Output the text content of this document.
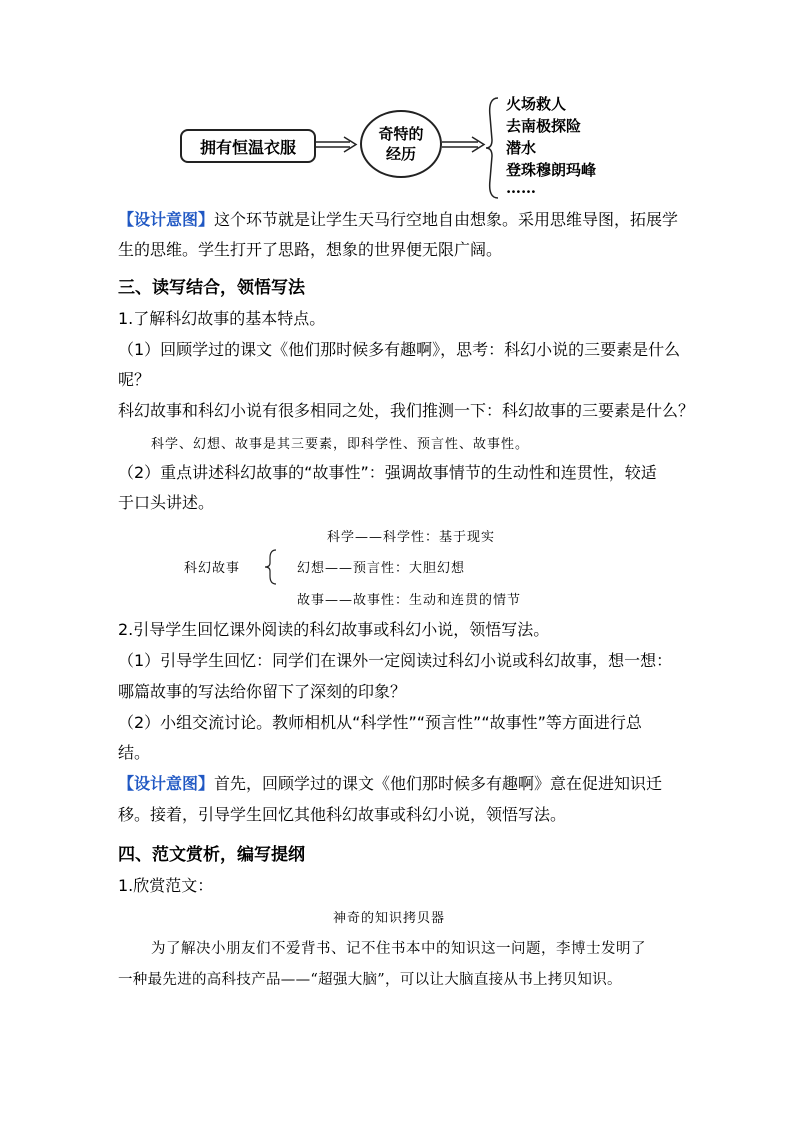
拥有恒温衣服
奇特的
经历
火场救人
去南极探险
潜水
登珠穆朗玛峰
……
【设计意图】这个环节就是让学生天马行空地自由想象。采用思维导图，拓展学
生的思维。学生打开了思路，想象的世界便无限广阔。
三、读写结合，领悟写法
1.了解科幻故事的基本特点。
（1）回顾学过的课文《他们那时候多有趣啊》，思考：科幻小说的三要素是什么
呢？
科幻故事和科幻小说有很多相同之处，我们推测一下：科幻故事的三要素是什么？
科学、幻想、故事是其三要素，即科学性、预言性、故事性。
（2）重点讲述科幻故事的“故事性”：强调故事情节的生动性和连贯性，较适
于口头讲述。
科幻故事
科学——科学性：基于现实
幻想——预言性：大胆幻想
故事——故事性：生动和连贯的情节
2.引导学生回忆课外阅读的科幻故事或科幻小说，领悟写法。
（1）引导学生回忆：同学们在课外一定阅读过科幻小说或科幻故事，想一想：
哪篇故事的写法给你留下了深刻的印象？
（2）小组交流讨论。教师相机从“科学性”“预言性”“故事性”等方面进行总
结。
【设计意图】首先，回顾学过的课文《他们那时候多有趣啊》意在促进知识迁
移。接着，引导学生回忆其他科幻故事或科幻小说，领悟写法。
四、范文赏析，编写提纲
1.欣赏范文：
神奇的知识拷贝器
为了解决小朋友们不爱背书、记不住书本中的知识这一问题，李博士发明了
一种最先进的高科技产品——“超强大脑”，可以让大脑直接从书上拷贝知识。
